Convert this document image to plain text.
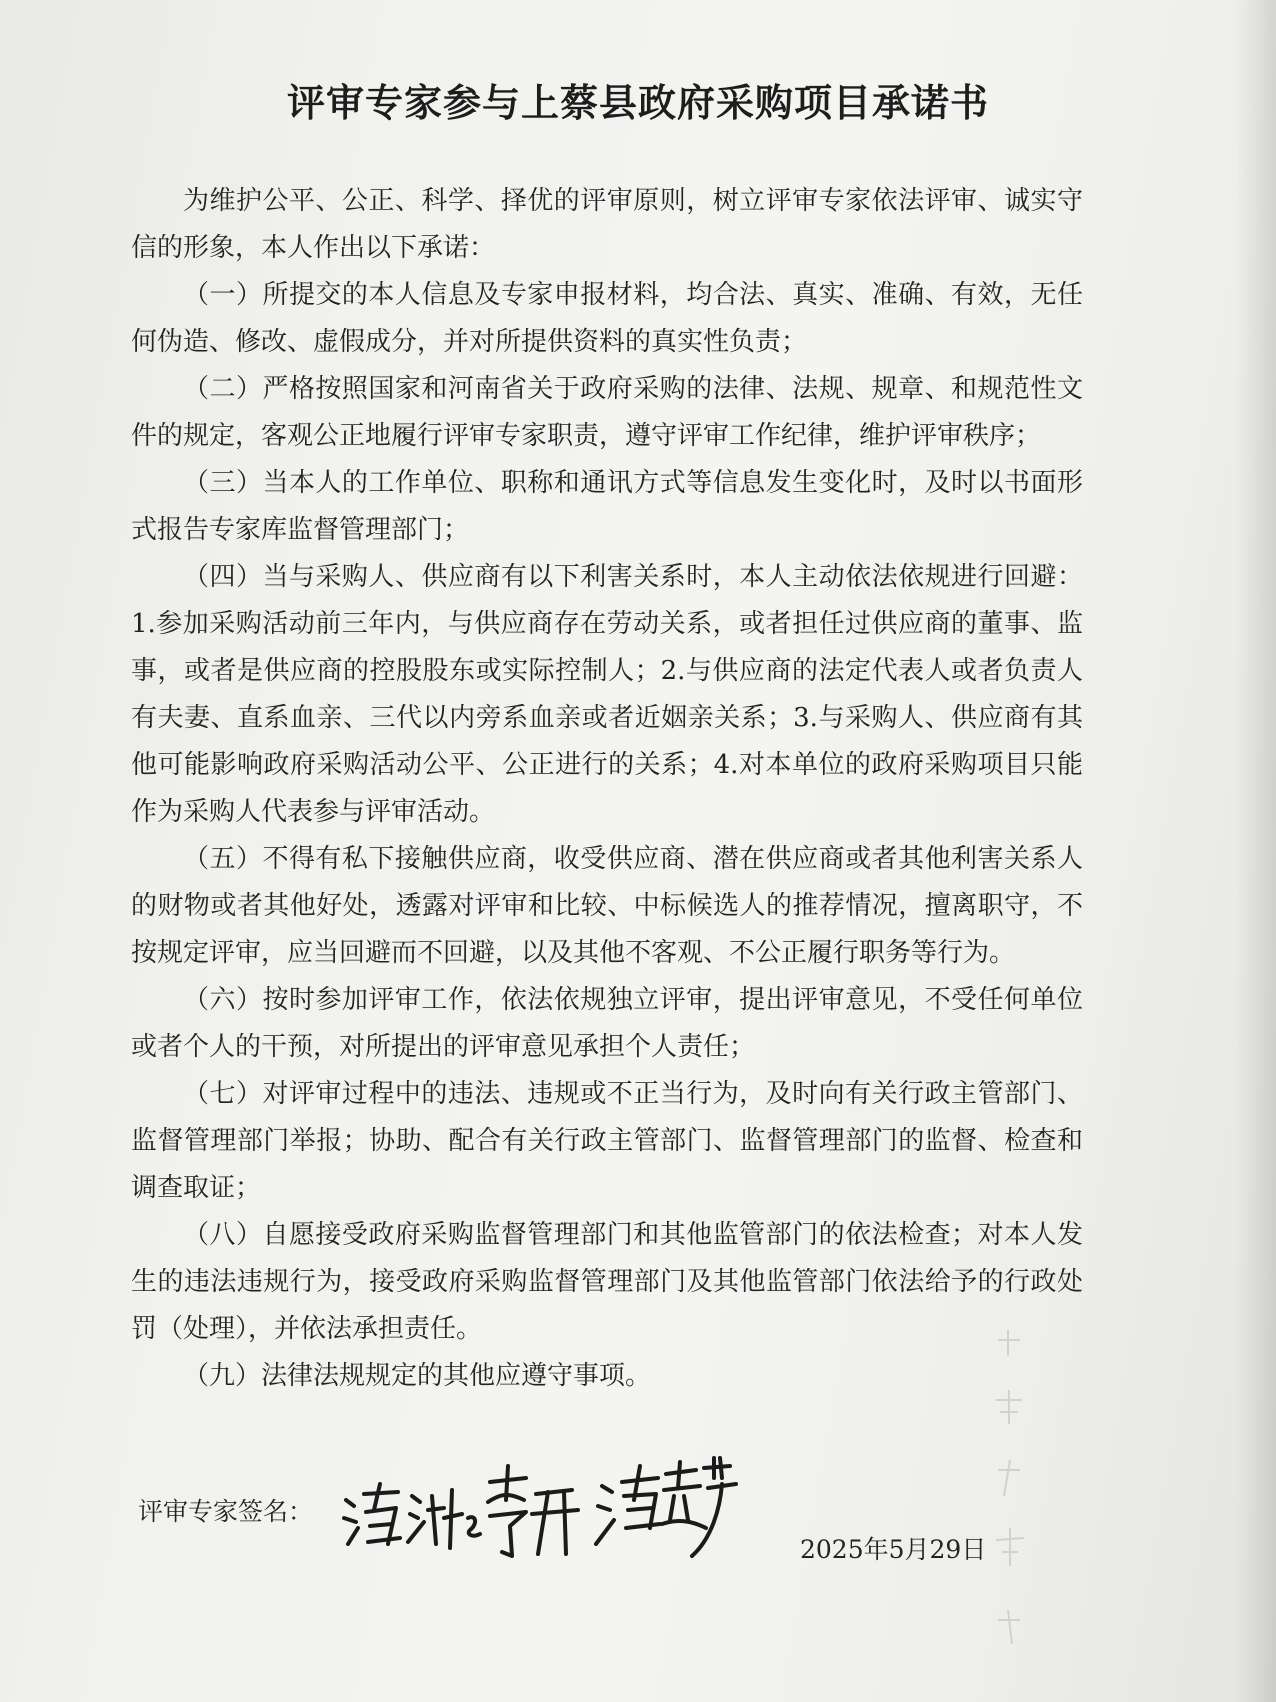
评审专家参与上蔡县政府采购项目承诺书

为维护公平、公正、科学、择优的评审原则，树立评审专家依法评审、诚实守信的形象，本人作出以下承诺：

（一）所提交的本人信息及专家申报材料，均合法、真实、准确、有效，无任何伪造、修改、虚假成分，并对所提供资料的真实性负责；

（二）严格按照国家和河南省关于政府采购的法律、法规、规章、和规范性文件的规定，客观公正地履行评审专家职责，遵守评审工作纪律，维护评审秩序；

（三）当本人的工作单位、职称和通讯方式等信息发生变化时，及时以书面形式报告专家库监督管理部门；

（四）当与采购人、供应商有以下利害关系时，本人主动依法依规进行回避：1.参加采购活动前三年内，与供应商存在劳动关系，或者担任过供应商的董事、监事，或者是供应商的控股股东或实际控制人；2.与供应商的法定代表人或者负责人有夫妻、直系血亲、三代以内旁系血亲或者近姻亲关系；3.与采购人、供应商有其他可能影响政府采购活动公平、公正进行的关系；4.对本单位的政府采购项目只能作为采购人代表参与评审活动。

（五）不得有私下接触供应商，收受供应商、潜在供应商或者其他利害关系人的财物或者其他好处，透露对评审和比较、中标候选人的推荐情况，擅离职守，不按规定评审，应当回避而不回避，以及其他不客观、不公正履行职务等行为。

（六）按时参加评审工作，依法依规独立评审，提出评审意见，不受任何单位或者个人的干预，对所提出的评审意见承担个人责任；

（七）对评审过程中的违法、违规或不正当行为，及时向有关行政主管部门、监督管理部门举报；协助、配合有关行政主管部门、监督管理部门的监督、检查和调查取证；

（八）自愿接受政府采购监督管理部门和其他监管部门的依法检查；对本人发生的违法违规行为，接受政府采购监督管理部门及其他监管部门依法给予的行政处罚（处理），并依法承担责任。

（九）法律法规规定的其他应遵守事项。

评审专家签名：
2025年5月29日
